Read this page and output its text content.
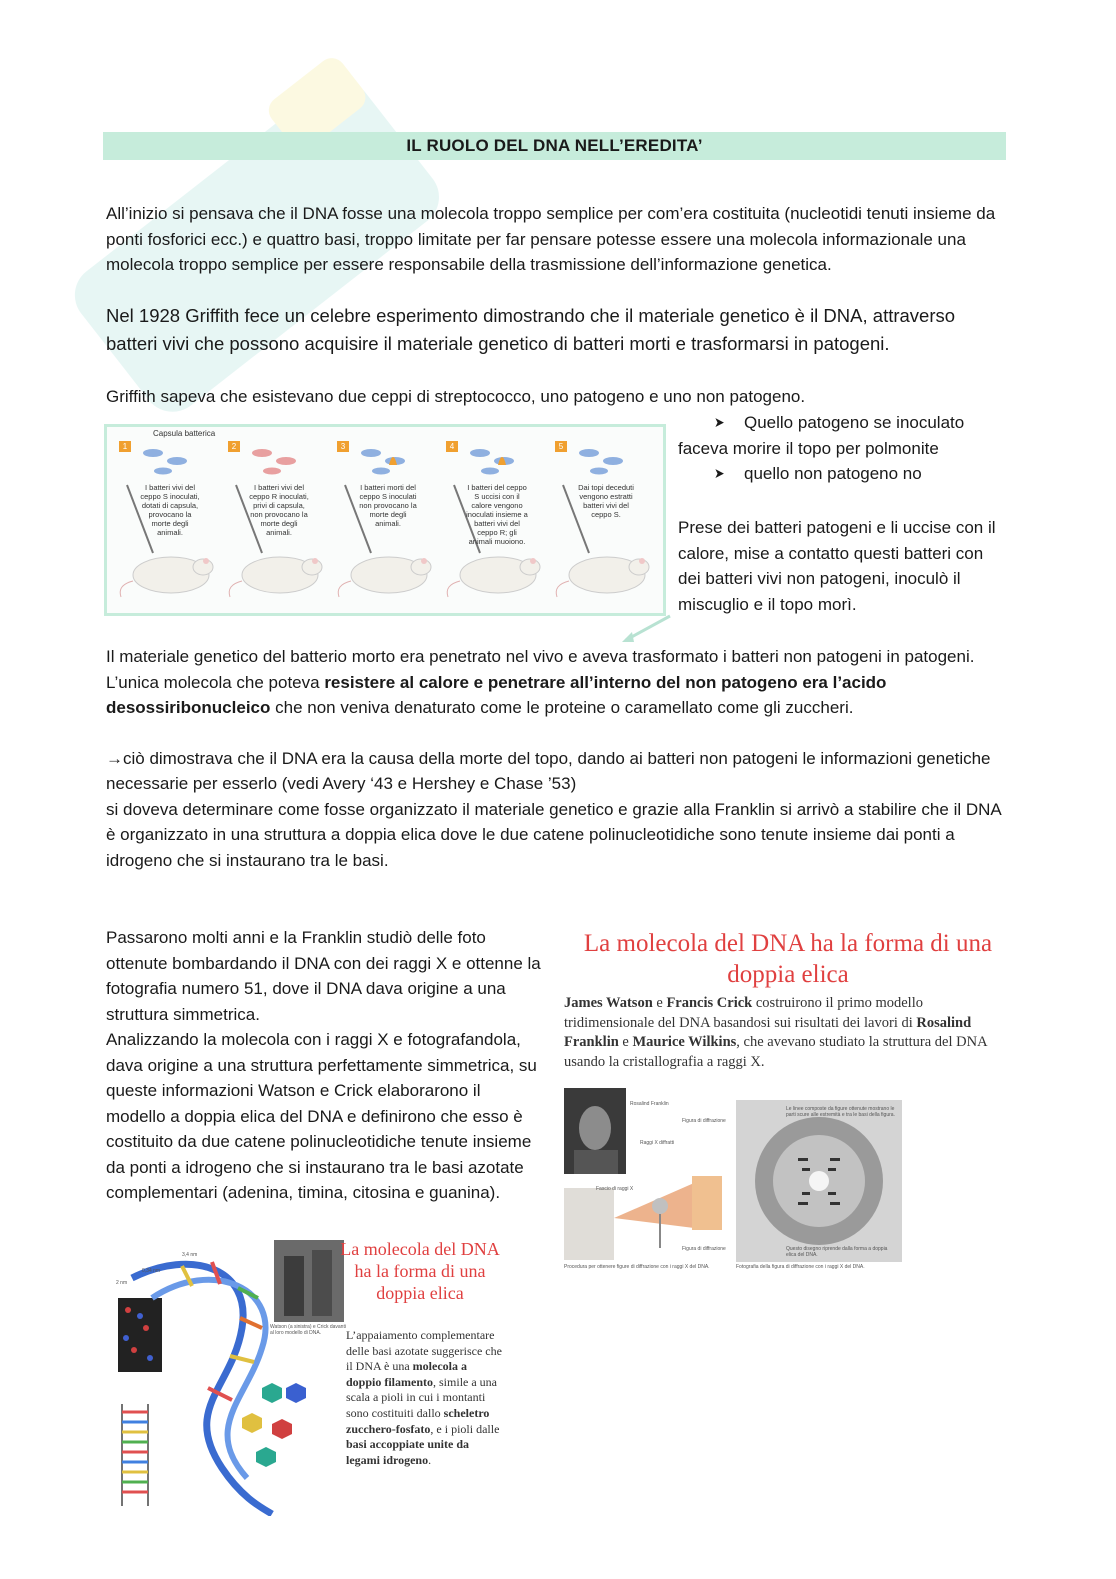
IL RUOLO DEL DNA NELL’EREDITA’

All’inizio si pensava che il DNA fosse una molecola troppo semplice per com’era costituita (nucleotidi tenuti insieme da ponti fosforici ecc.) e quattro basi, troppo limitate per far pensare potesse essere una molecola informazionale una molecola troppo semplice per essere responsabile della trasmissione dell’informazione genetica.

Nel 1928 Griffith fece un celebre esperimento dimostrando che il materiale genetico è il DNA, attraverso batteri vivi che possono acquisire il materiale genetico di batteri morti e trasformarsi in patogeni.

Griffith sapeva che esistevano due ceppi di streptococco, uno patogeno e uno non patogeno.

➤ Quello patogeno se inoculato
faceva morire il topo per polmonite
➤ quello non patogeno no

Prese dei batteri patogeni e li uccise con il calore, mise a contatto questi batteri con dei batteri vivi non patogeni, inoculò il miscuglio e il topo morì.

Capsula batterica
1
I batteri vivi del ceppo S inoculati, dotati di capsula, provocano la morte degli animali.
2
I batteri vivi del ceppo R inoculati, privi di capsula, non provocano la morte degli animali.
3
I batteri morti del ceppo S inoculati non provocano la morte degli animali.
4
I batteri del ceppo S uccisi con il calore vengono inoculati insieme a batteri vivi del ceppo R; gli animali muoiono.
5
Dai topi deceduti vengono estratti batteri vivi del ceppo S.

Il materiale genetico del batterio morto era penetrato nel vivo e aveva trasformato i batteri non patogeni in patogeni.

L’unica molecola che poteva resistere al calore e penetrare all’interno del non patogeno era l’acido desossiribonucleico che non veniva denaturato come le proteine o caramellato come gli zuccheri.

→ciò dimostrava che il DNA era la causa della morte del topo, dando ai batteri non patogeni le informazioni genetiche necessarie per esserlo (vedi Avery ‘43 e Hershey e Chase ’53)

si doveva determinare come fosse organizzato il materiale genetico e grazie alla Franklin si arrivò a stabilire che il DNA è organizzato in una struttura a doppia elica dove le due catene polinucleotidiche sono tenute insieme dai ponti a idrogeno che si instaurano tra le basi.

Passarono molti anni e la Franklin studiò delle foto ottenute bombardando il DNA con dei raggi X e ottenne la fotografia numero 51, dove il DNA dava origine a una struttura simmetrica.

Analizzando la molecola con i raggi X e fotografandola, dava origine a una struttura perfettamente simmetrica, su queste informazioni Watson e Crick elaborarono il modello a doppia elica del DNA e definirono che esso è costituito da due catene polinucleotidiche tenute insieme da ponti a idrogeno che si instaurano tra le basi azotate complementari (adenina, timina, citosina e guanina).

La molecola del DNA ha la forma di una doppia elica
James Watson e Francis Crick costruirono il primo modello tridimensionale del DNA basandosi sui risultati dei lavori di Rosalind Franklin e Maurice Wilkins, che avevano studiato la struttura del DNA usando la cristallografia a raggi X.
Rosalind Franklin
Figura di diffrazione
Raggi X diffratti
Fascio di raggi X
Figura di diffrazione
Procedura per ottenere figure di diffrazione con i raggi X del DNA.
Le linee composte da figure ottenute mostrano le parti scure alle estremità e tra le basi della figura.
Questo disegno riprende dalla forma a doppia elica del DNA.
Fotografia della figura di diffrazione con i raggi X del DNA.
3,4 nm
0,34 nm
2 nm
Watson (a sinistra) e Crick davanti al loro modello di DNA.
La molecola del DNA ha la forma di una doppia elica
L’appaiamento complementare delle basi azotate suggerisce che il DNA è una molecola a doppio filamento, simile a una scala a pioli in cui i montanti sono costituiti dallo scheletro zucchero-fosfato, e i pioli dalle basi accoppiate unite da legami idrogeno.
